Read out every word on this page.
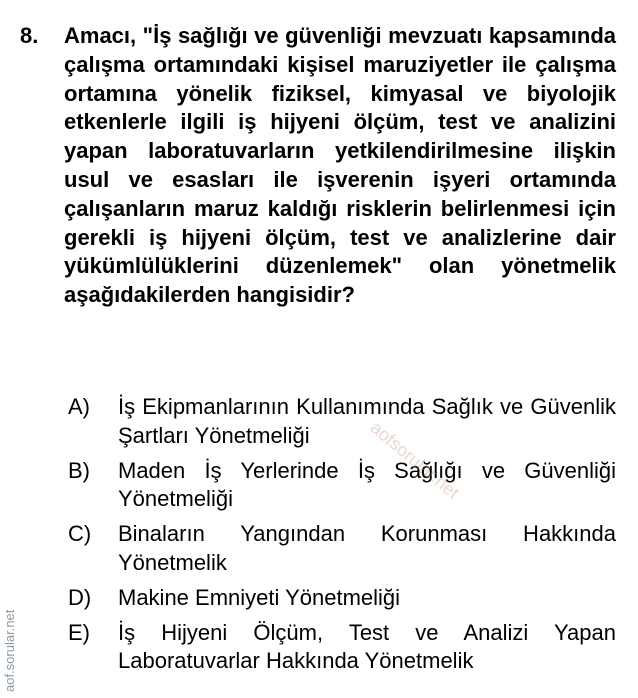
8.	Amacı, "İş sağlığı ve güvenliği mevzuatı kapsamında çalışma ortamındaki kişisel maruziyetler ile çalışma ortamına yönelik fiziksel, kimyasal ve biyolojik etkenlerle ilgili iş hijyeni ölçüm, test ve analizini yapan laboratuvarların yetkilendirilmesine ilişkin usul ve esasları ile işverenin işyeri ortamında çalışanların maruz kaldığı risklerin belirlenmesi için gerekli iş hijyeni ölçüm, test ve analizlerine dair yükümlülüklerini düzenlemek" olan yönetmelik aşağıdakilerden hangisidir?

A)	İş Ekipmanlarının Kullanımında Sağlık ve Güvenlik Şartları Yönetmeliği
B)	Maden İş Yerlerinde İş Sağlığı ve Güvenliği Yönetmeliği
C)	Binaların Yangından Korunması Hakkında Yönetmelik
D)	Makine Emniyeti Yönetmeliği
E)	İş Hijyeni Ölçüm, Test ve Analizi Yapan Laboratuvarlar Hakkında Yönetmelik
aof.sorular.net
aofsorular.net
